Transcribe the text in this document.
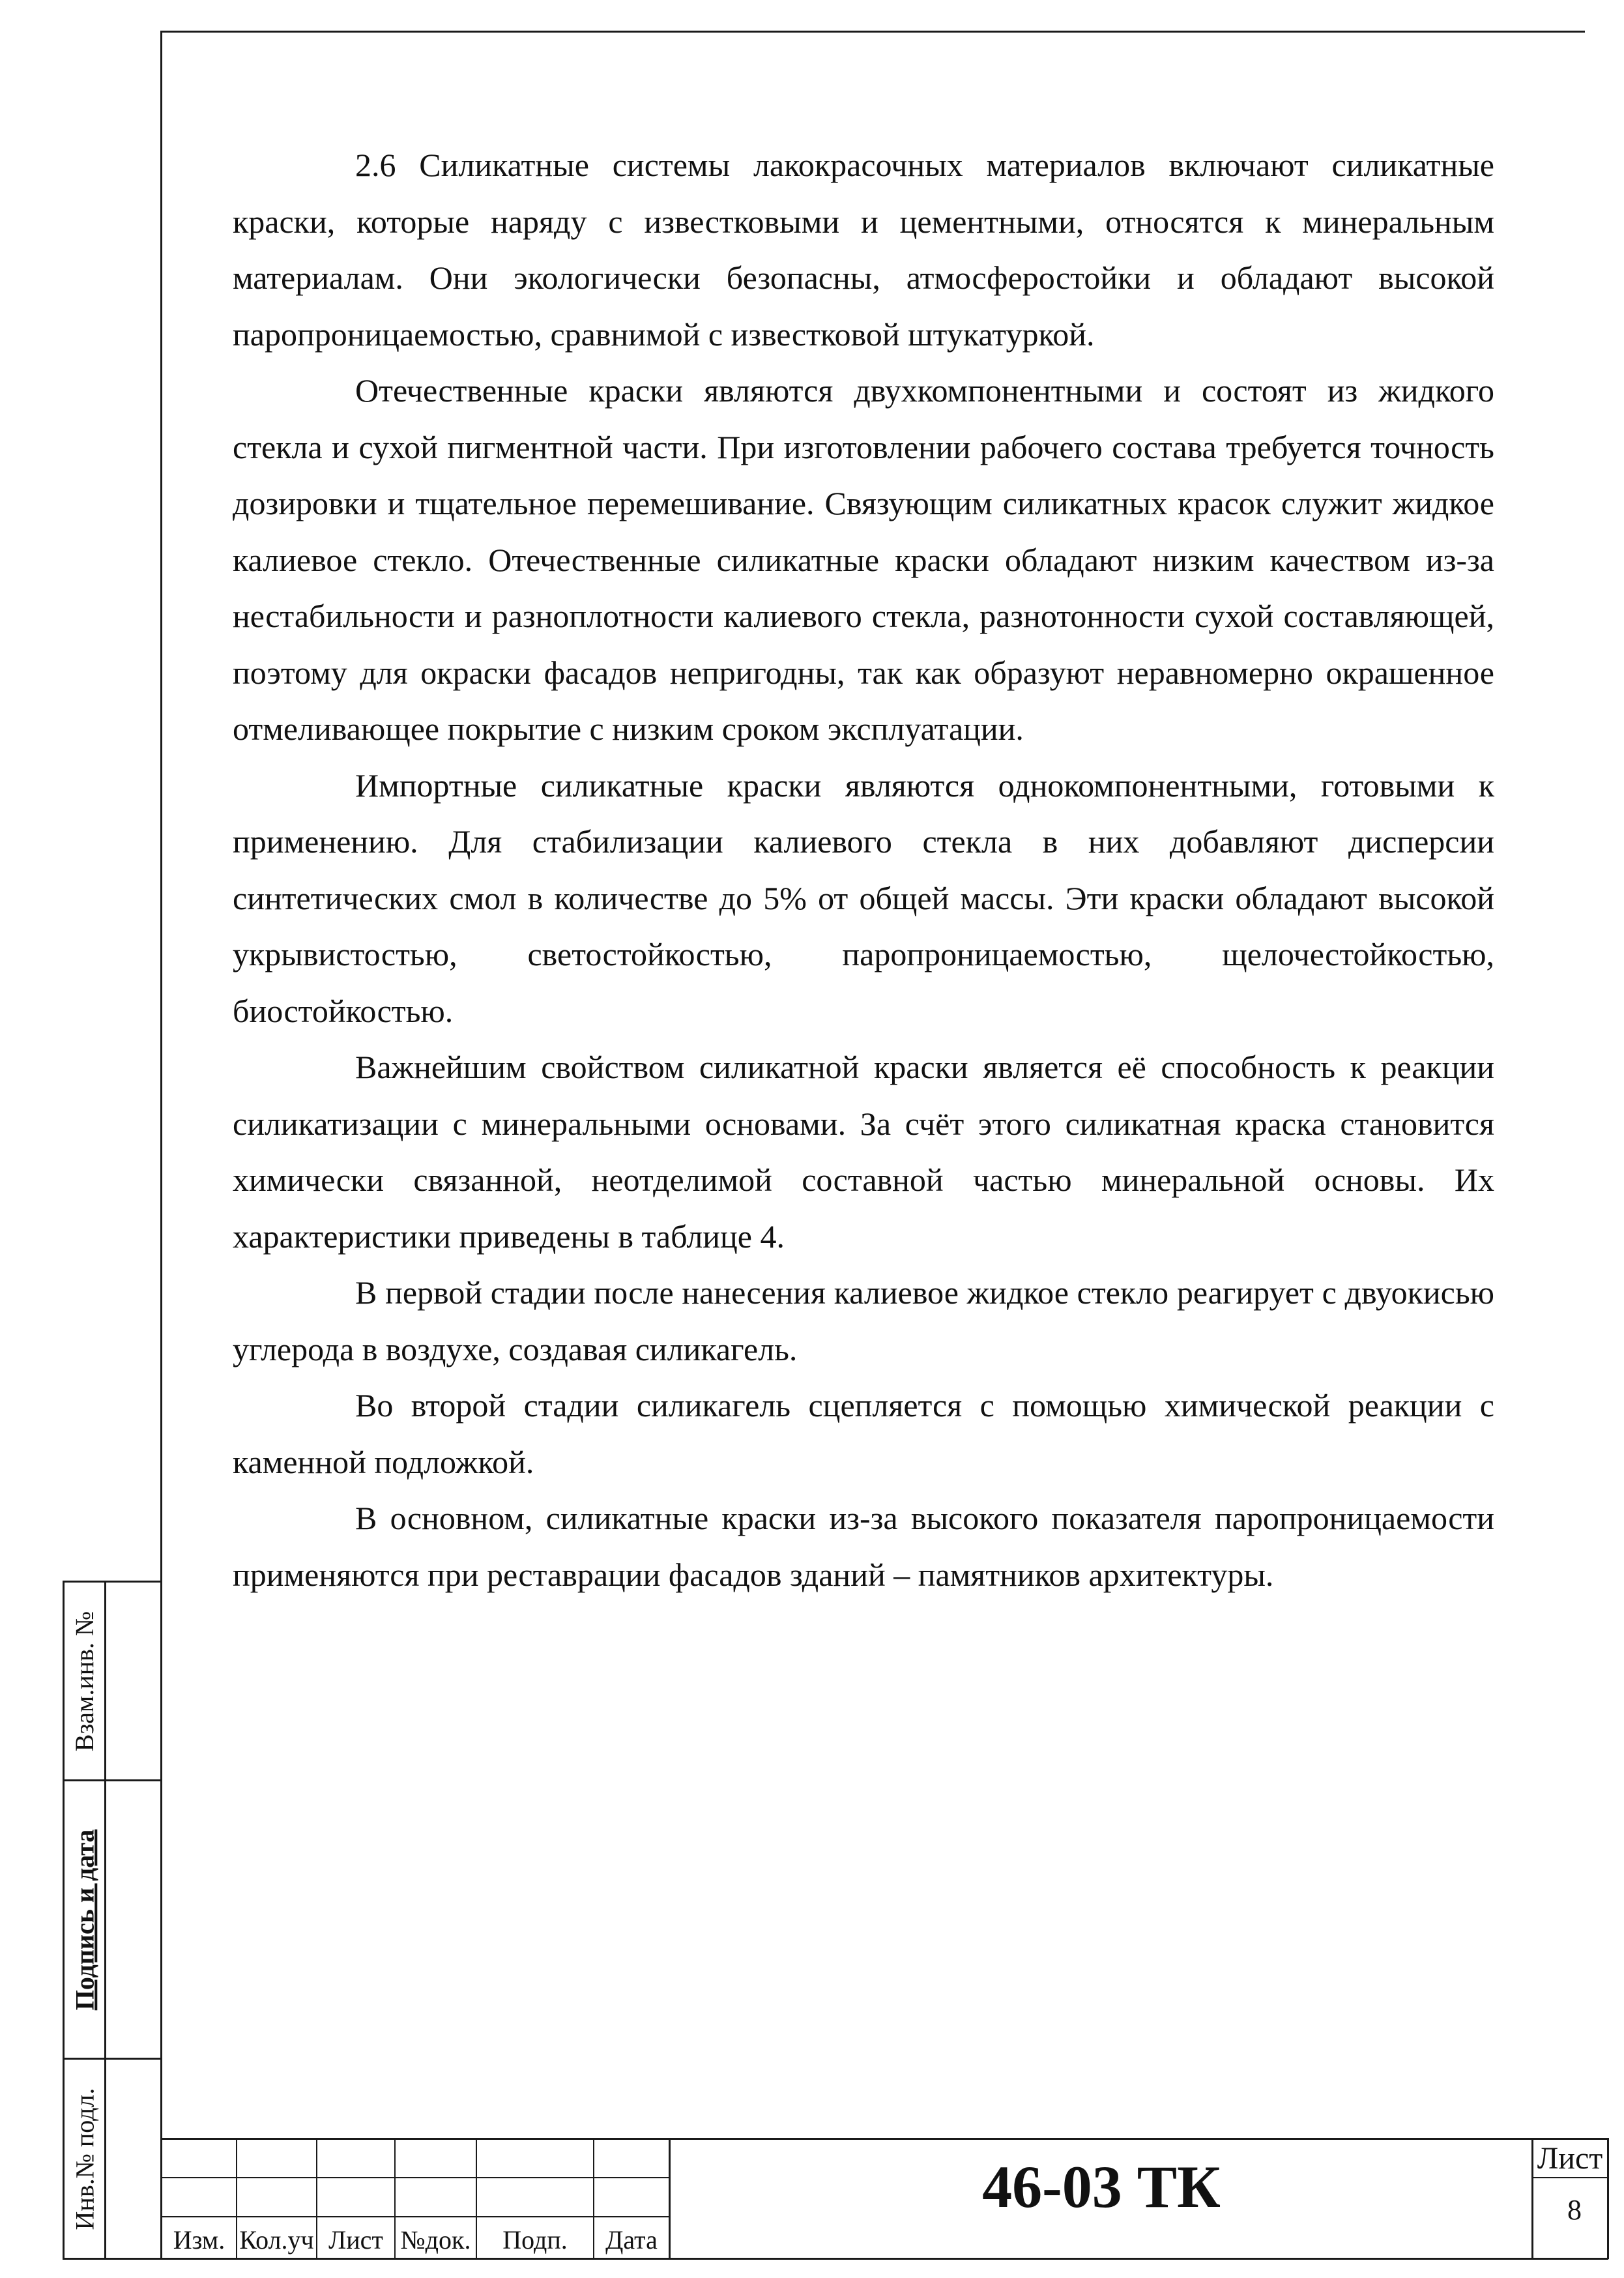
2.6 Силикатные системы лакокрасочных материалов включают силикатные краски, которые наряду с известковыми и цементными, относятся к минеральным материалам. Они экологически безопасны, атмосферостойки и обладают высокой паропроницаемостью, сравнимой с известковой штукатуркой.

Отечественные краски являются двухкомпонентными и состоят из жидкого стекла и сухой пигментной части. При изготовлении рабочего состава требуется точность дозировки и тщательное перемешивание. Связующим силикатных красок служит жидкое калиевое стекло. Отечественные силикатные краски обладают низким качеством из-за нестабильности и разноплотности калиевого стекла, разнотонности сухой составляющей, поэтому для окраски фасадов непригодны, так как образуют неравномерно окрашенное отмеливающее покрытие с низким сроком эксплуатации.

Импортные силикатные краски являются однокомпонентными, готовыми к применению. Для стабилизации калиевого стекла в них добавляют дисперсии синтетических смол в количестве до 5% от общей массы. Эти краски обладают высокой укрывистостью, светостойкостью, паропроницаемостью, щелочестойкостью, биостойкостью.

Важнейшим свойством силикатной краски является её способность к реакции силикатизации с минеральными основами. За счёт этого силикатная краска становится химически связанной, неотделимой составной частью минеральной основы. Их характеристики приведены в таблице 4.

В первой стадии после нанесения калиевое жидкое стекло реагирует с двуокисью углерода в воздухе, создавая силикагель.

Во второй стадии силикагель сцепляется с помощью химической реакции с каменной подложкой.

В основном, силикатные краски из-за высокого показателя паропроницаемости применяются при реставрации фасадов зданий – памятников архитектуры.

Взам.инв. №
Подпись и дата
Инв.№ подл.
Изм. Кол.уч Лист №док.	Подп.	Дата
46-03 ТК	Лист
8
